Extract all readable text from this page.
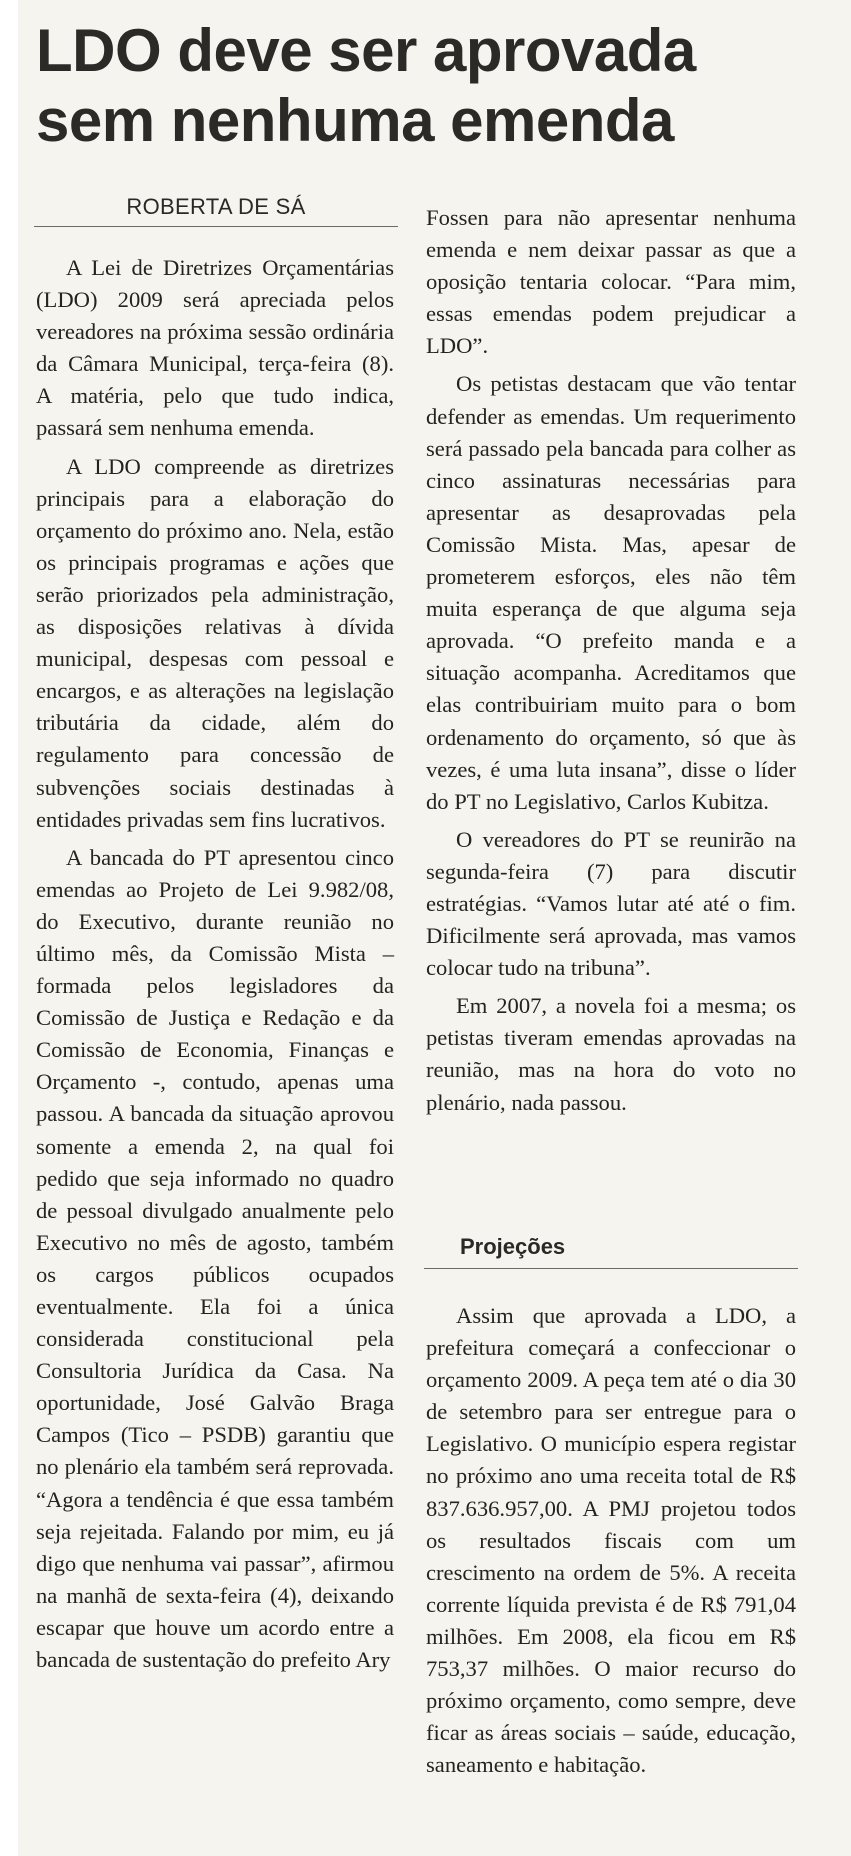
LDO deve ser aprovada
sem nenhuma emenda
ROBERTA DE SÁ

A Lei de Diretrizes Orçamentárias (LDO) 2009 será apreciada pelos vereadores na próxima sessão ordinária da Câmara Municipal, terça-feira (8). A matéria, pelo que tudo indica, passará sem nenhuma emenda.

A LDO compreende as diretrizes principais para a elaboração do orçamento do próximo ano. Nela, estão os principais programas e ações que serão priorizados pela administração, as disposições relativas à dívida municipal, despesas com pessoal e encargos, e as alterações na legislação tributária da cidade, além do regulamento para concessão de subvenções sociais destinadas à entidades privadas sem fins lucrativos.

A bancada do PT apresentou cinco emendas ao Projeto de Lei 9.982/08, do Executivo, durante reunião no último mês, da Comissão Mista – formada pelos legisladores da Comissão de Justiça e Redação e da Comissão de Economia, Finanças e Orçamento -, contudo, apenas uma passou. A bancada da situação aprovou somente a emenda 2, na qual foi pedido que seja informado no quadro de pessoal divulgado anualmente pelo Executivo no mês de agosto, também os cargos públicos ocupados eventualmente. Ela foi a única considerada constitucional pela Consultoria Jurídica da Casa. Na oportunidade, José Galvão Braga Campos (Tico – PSDB) garantiu que no plenário ela também será reprovada. “Agora a tendência é que essa também seja rejeitada. Falando por mim, eu já digo que nenhuma vai passar”, afirmou na manhã de sexta-feira (4), deixando escapar que houve um acordo entre a bancada de sustentação do prefeito Ary

Fossen para não apresentar nenhuma emenda e nem deixar passar as que a oposição tentaria colocar. “Para mim, essas emendas podem prejudicar a LDO”.

Os petistas destacam que vão tentar defender as emendas. Um requerimento será passado pela bancada para colher as cinco assinaturas necessárias para apresentar as desaprovadas pela Comissão Mista. Mas, apesar de prometerem esforços, eles não têm muita esperança de que alguma seja aprovada. “O prefeito manda e a situação acompanha. Acreditamos que elas contribuiriam muito para o bom ordenamento do orçamento, só que às vezes, é uma luta insana”, disse o líder do PT no Legislativo, Carlos Kubitza.

O vereadores do PT se reunirão na segunda-feira (7) para discutir estratégias. “Vamos lutar até até o fim. Dificilmente será aprovada, mas vamos colocar tudo na tribuna”.

Em 2007, a novela foi a mesma; os petistas tiveram emendas aprovadas na reunião, mas na hora do voto no plenário, nada passou.

Projeções

Assim que aprovada a LDO, a prefeitura começará a confeccionar o orçamento 2009. A peça tem até o dia 30 de setembro para ser entregue para o Legislativo. O município espera registar no próximo ano uma receita total de R$ 837.636.957,00. A PMJ projetou todos os resultados fiscais com um crescimento na ordem de 5%. A receita corrente líquida prevista é de R$ 791,04 milhões. Em 2008, ela ficou em R$ 753,37 milhões. O maior recurso do próximo orçamento, como sempre, deve ficar as áreas sociais – saúde, educação, saneamento e habitação.
